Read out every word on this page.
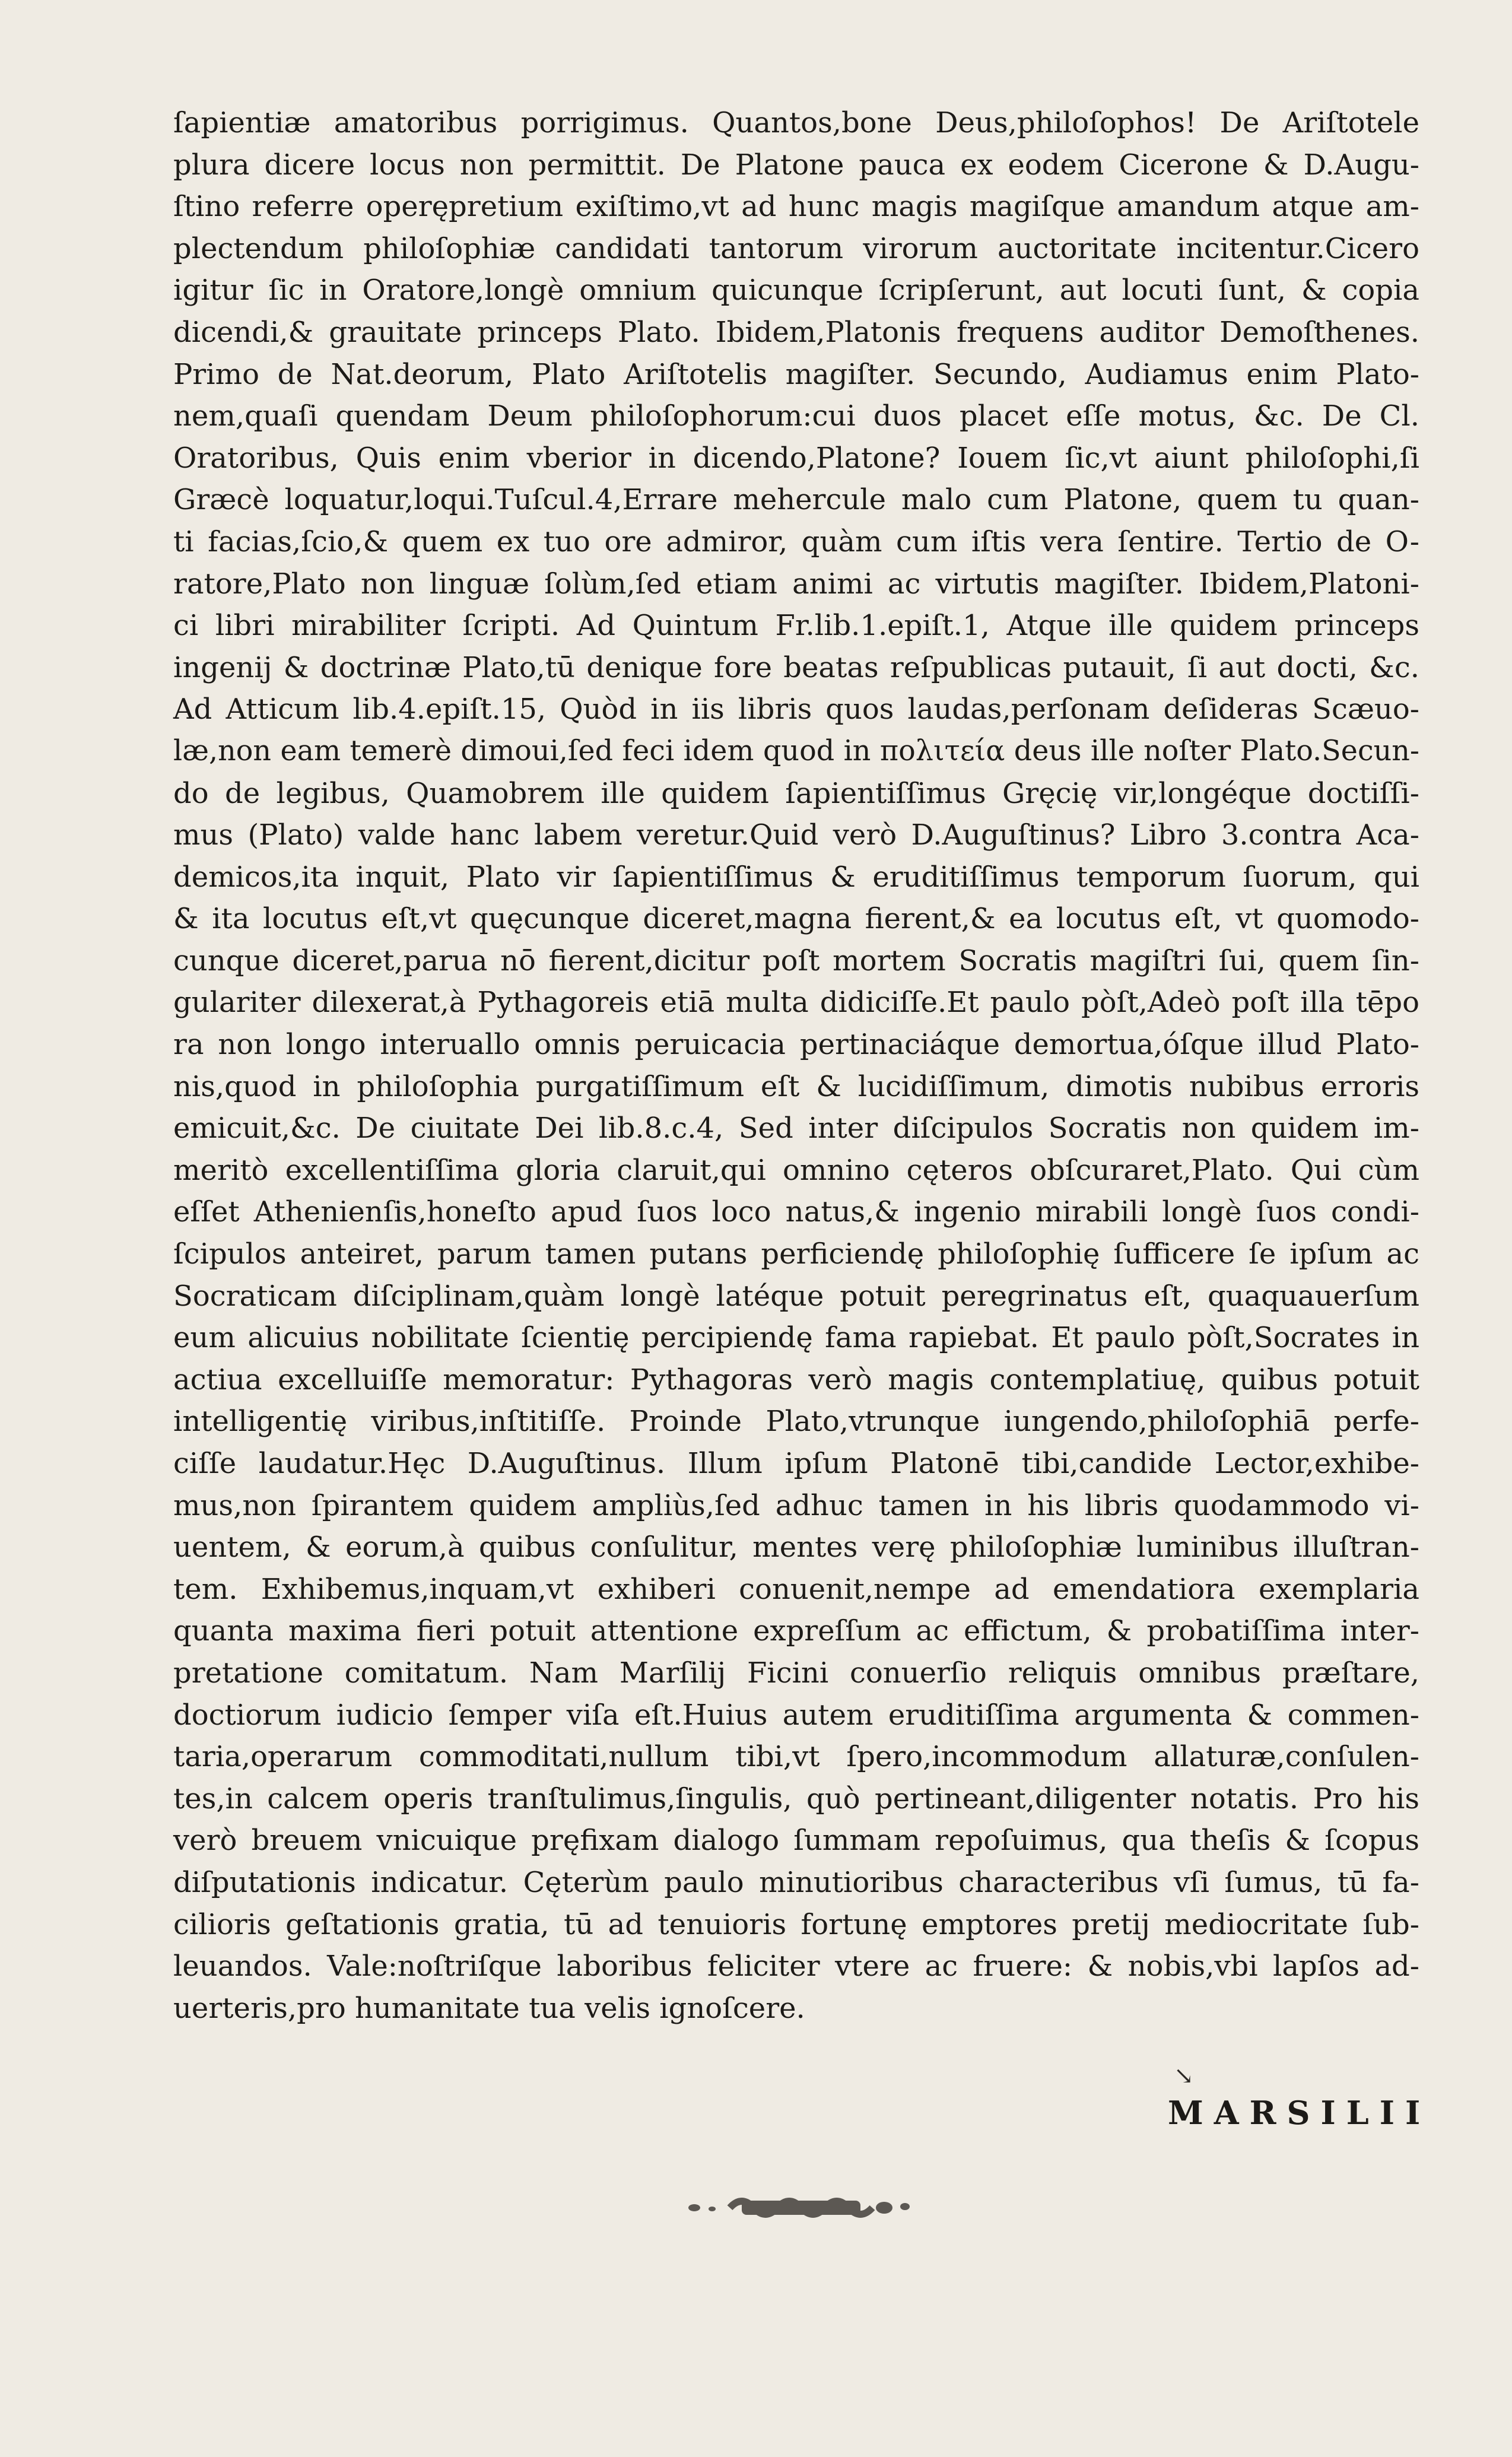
ſapientiæ amatoribus porrigimus. Quantos,bone Deus,philoſophos! De Ariſtotele
plura dicere locus non permittit. De Platone pauca ex eodem Cicerone & D.Augu-
ſtino referre operępretium exiſtimo,vt ad hunc magis magiſque amandum atque am-
plectendum philoſophiæ candidati tantorum virorum auctoritate incitentur.Cicero
igitur ſic in Oratore,longè omnium quicunque ſcripſerunt, aut locuti ſunt, & copia
dicendi,& grauitate princeps Plato. Ibidem,Platonis frequens auditor Demoſthenes.
Primo de Nat.deorum, Plato Ariſtotelis magiſter. Secundo, Audiamus enim Plato-
nem,quaſi quendam Deum philoſophorum:cui duos placet eſſe motus, &c. De Cl.
Oratoribus, Quis enim vberior in dicendo,Platone? Iouem ſic,vt aiunt philoſophi,ſi
Græcè loquatur,loqui.Tuſcul.4,Errare mehercule malo cum Platone, quem tu quan-
ti facias,ſcio,& quem ex tuo ore admiror, quàm cum iſtis vera ſentire. Tertio de O-
ratore,Plato non linguæ ſolùm,ſed etiam animi ac virtutis magiſter. Ibidem,Platoni-
ci libri mirabiliter ſcripti. Ad Quintum Fr.lib.1.epiſt.1, Atque ille quidem princeps
ingenij & doctrinæ Plato,tū denique fore beatas reſpublicas putauit, ſi aut docti, &c.
Ad Atticum lib.4.epiſt.15, Quòd in iis libris quos laudas,perſonam deſideras Scæuo-
læ,non eam temerè dimoui,ſed feci idem quod in πολιτεία deus ille noſter Plato.Secun-
do de legibus, Quamobrem ille quidem ſapientiſſimus Gręcię vir,longéque doctiſſi-
mus (Plato) valde hanc labem veretur.Quid verò D.Auguſtinus? Libro 3.contra Aca-
demicos,ita inquit, Plato vir ſapientiſſimus & eruditiſſimus temporum ſuorum, qui
& ita locutus eſt,vt quęcunque diceret,magna fierent,& ea locutus eſt, vt quomodo-
cunque diceret,parua nō fierent,dicitur poſt mortem Socratis magiſtri ſui, quem ſin-
gulariter dilexerat,à Pythagoreis etiā multa didiciſſe.Et paulo pòſt,Adeò poſt illa tēpo
ra non longo interuallo omnis peruicacia pertinaciáque demortua,óſque illud Plato-
nis,quod in philoſophia purgatiſſimum eſt & lucidiſſimum, dimotis nubibus erroris
emicuit,&c. De ciuitate Dei lib.8.c.4, Sed inter diſcipulos Socratis non quidem im-
meritò excellentiſſima gloria claruit,qui omnino cęteros obſcuraret,Plato. Qui cùm
eſſet Athenienſis,honeſto apud ſuos loco natus,& ingenio mirabili longè ſuos condi-
ſcipulos anteiret, parum tamen putans perficiendę philoſophię ſufficere ſe ipſum ac
Socraticam diſciplinam,quàm longè latéque potuit peregrinatus eſt, quaquauerſum
eum alicuius nobilitate ſcientię percipiendę fama rapiebat. Et paulo pòſt,Socrates in
actiua excelluiſſe memoratur: Pythagoras verò magis contemplatiuę, quibus potuit
intelligentię viribus,inſtitiſſe. Proinde Plato,vtrunque iungendo,philoſophiā perfe-
ciſſe laudatur.Hęc D.Auguſtinus. Illum ipſum Platonē tibi,candide Lector,exhibe-
mus,non ſpirantem quidem ampliùs,ſed adhuc tamen in his libris quodammodo vi-
uentem, & eorum,à quibus conſulitur, mentes verę philoſophiæ luminibus illuſtran-
tem. Exhibemus,inquam,vt exhiberi conuenit,nempe ad emendatiora exemplaria
quanta maxima fieri potuit attentione expreſſum ac effictum, & probatiſſima inter-
pretatione comitatum. Nam Marſilij Ficini conuerſio reliquis omnibus præſtare,
doctiorum iudicio ſemper viſa eſt.Huius autem eruditiſſima argumenta & commen-
taria,operarum commoditati,nullum tibi,vt ſpero,incommodum allaturæ,conſulen-
tes,in calcem operis tranſtulimus,ſingulis, quò pertineant,diligenter notatis. Pro his
verò breuem vnicuique pręfixam dialogo ſummam repoſuimus, qua theſis & ſcopus
diſputationis indicatur. Cęterùm paulo minutioribus characteribus vſi ſumus, tū fa-
cilioris geſtationis gratia, tū ad tenuioris fortunę emptores pretij mediocritate ſub-
leuandos. Vale:noſtriſque laboribus feliciter vtere ac fruere: & nobis,vbi lapſos ad-
uerteris,pro humanitate tua velis ignoſcere.
↘
MARSILII
